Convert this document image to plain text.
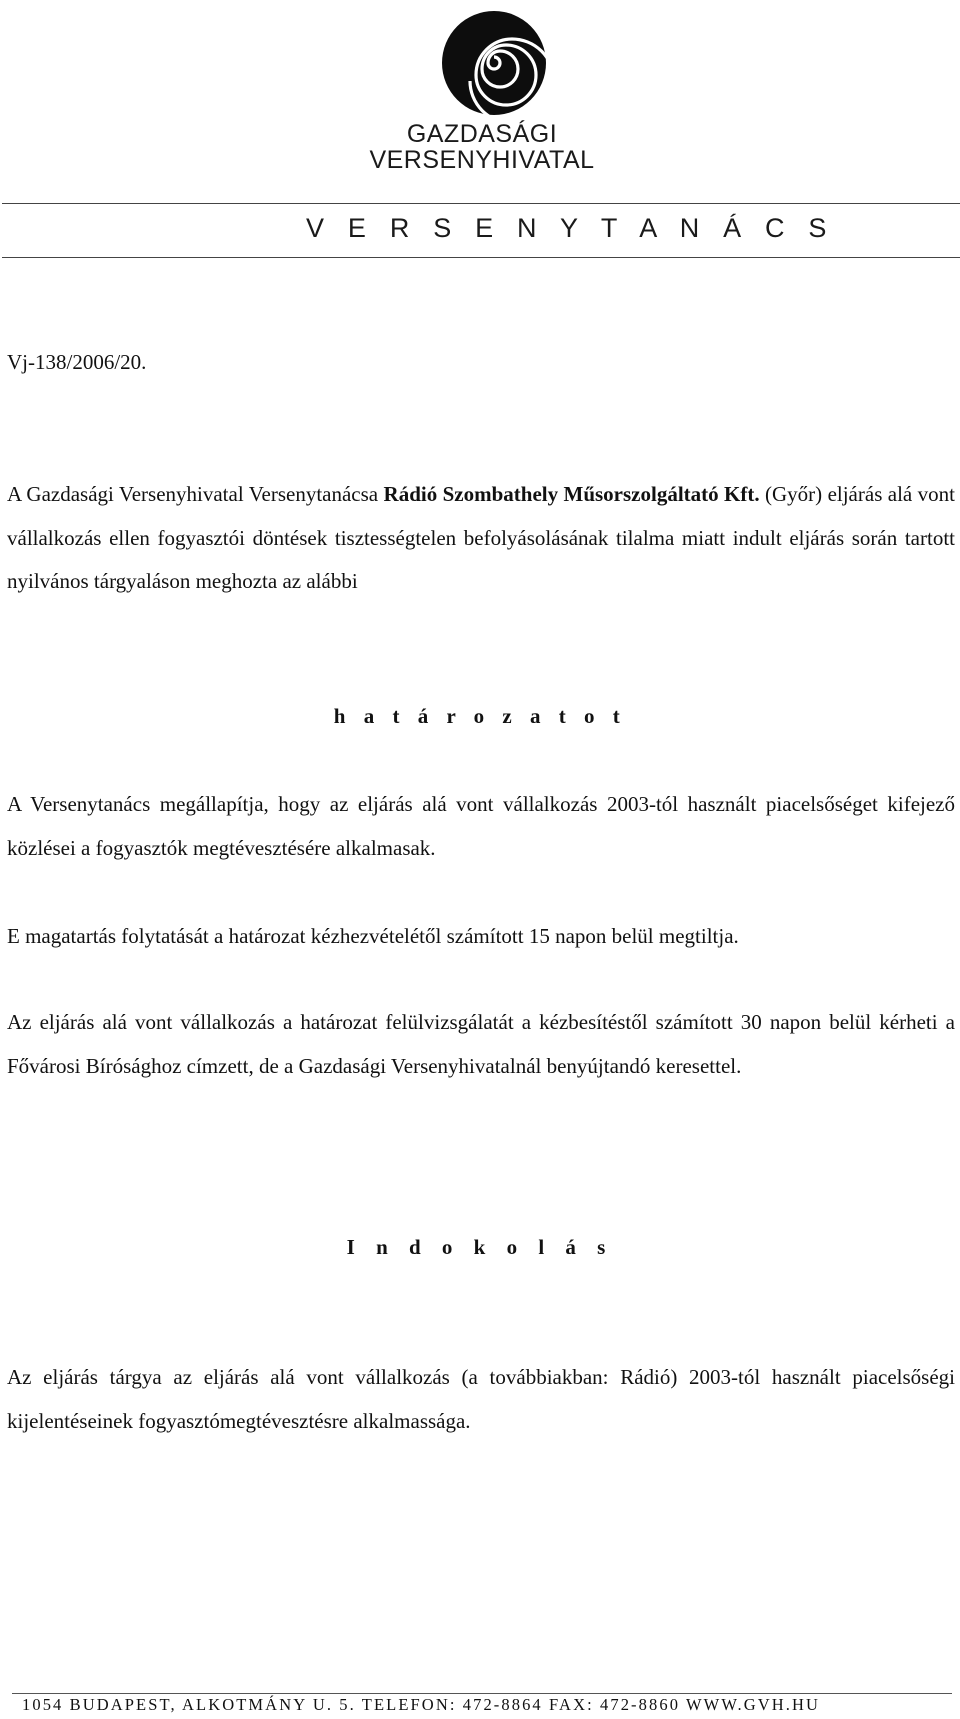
GAZDASÁGI
VERSENYHIVATAL
V E R S E N Y T A N Á C S
Vj-138/2006/20.
A Gazdasági Versenyhivatal Versenytanácsa Rádió Szombathely Műsorszolgáltató Kft. (Győr) eljárás alá vont vállalkozás ellen fogyasztói döntések tisztességtelen befolyásolásának tilalma miatt indult eljárás során tartott nyilvános tárgyaláson meghozta az alábbi
h a t á r o z a t o t
A Versenytanács megállapítja, hogy az eljárás alá vont vállalkozás 2003-tól használt piacelsőséget kifejező közlései a fogyasztók megtévesztésére alkalmasak.
E magatartás folytatását a határozat kézhezvételétől számított 15 napon belül megtiltja.
Az eljárás alá vont vállalkozás a határozat felülvizsgálatát a kézbesítéstől számított 30 napon belül kérheti a Fővárosi Bírósághoz címzett, de a Gazdasági Versenyhivatalnál benyújtandó keresettel.
I n d o k o l á s
Az eljárás tárgya az eljárás alá vont vállalkozás (a továbbiakban: Rádió) 2003-tól használt piacelsőségi kijelentéseinek fogyasztómegtévesztésre alkalmassága.
1054 BUDAPEST, ALKOTMÁNY U. 5. TELEFON: 472-8864 FAX: 472-8860 WWW.GVH.HU
